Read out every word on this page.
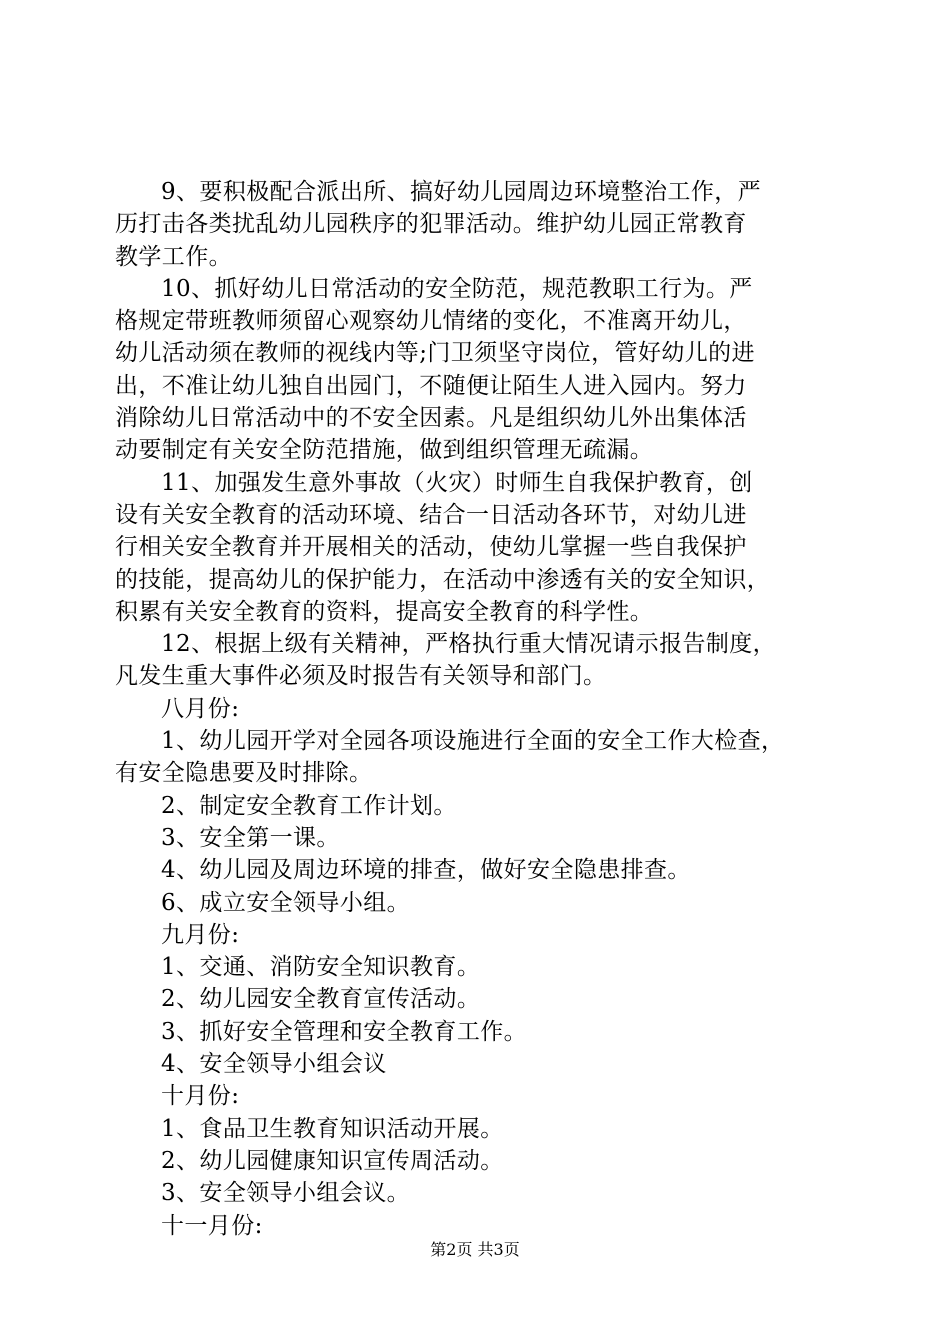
9、要积极配合派出所、搞好幼儿园周边环境整治工作，严
历打击各类扰乱幼儿园秩序的犯罪活动。维护幼儿园正常教育
教学工作。
10、抓好幼儿日常活动的安全防范，规范教职工行为。严
格规定带班教师须留心观察幼儿情绪的变化，不准离开幼儿，
幼儿活动须在教师的视线内等;门卫须坚守岗位，管好幼儿的进
出，不准让幼儿独自出园门，不随便让陌生人进入园内。努力
消除幼儿日常活动中的不安全因素。凡是组织幼儿外出集体活
动要制定有关安全防范措施，做到组织管理无疏漏。
11、加强发生意外事故（火灾）时师生自我保护教育，创
设有关安全教育的活动环境、结合一日活动各环节，对幼儿进
行相关安全教育并开展相关的活动，使幼儿掌握一些自我保护
的技能，提高幼儿的保护能力，在活动中渗透有关的安全知识，
积累有关安全教育的资料，提高安全教育的科学性。
12、根据上级有关精神，严格执行重大情况请示报告制度，
凡发生重大事件必须及时报告有关领导和部门。
八月份:
1、幼儿园开学对全园各项设施进行全面的安全工作大检查，
有安全隐患要及时排除。
2、制定安全教育工作计划。
3、安全第一课。
4、幼儿园及周边环境的排查，做好安全隐患排查。
6、成立安全领导小组。
九月份:
1、交通、消防安全知识教育。
2、幼儿园安全教育宣传活动。
3、抓好安全管理和安全教育工作。
4、安全领导小组会议
十月份:
1、食品卫生教育知识活动开展。
2、幼儿园健康知识宣传周活动。
3、安全领导小组会议。
十一月份:
第2页 共3页
